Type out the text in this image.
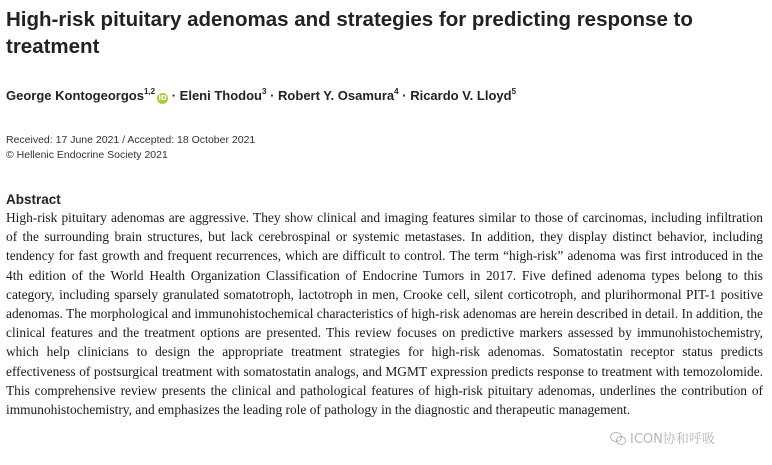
High-risk pituitary adenomas and strategies for predicting response to treatment
George Kontogeorgos$^{1,2}$iD · Eleni Thodou$^3$ · Robert Y. Osamura$^4$ · Ricardo V. Lloyd$^5$
Received: 17 June 2021 / Accepted: 18 October 2021
© Hellenic Endocrine Society 2021
Abstract

High-risk pituitary adenomas are aggressive. They show clinical and imaging features similar to those of carcinomas, including infiltration of the surrounding brain structures, but lack cerebrospinal or systemic metastases. In addition, they display distinct behavior, including tendency for fast growth and frequent recurrences, which are difficult to control. The term “high-risk” adenoma was first introduced in the 4th edition of the World Health Organization Classification of Endocrine Tumors in 2017. Five defined adenoma types belong to this category, including sparsely granulated somatotroph, lactotroph in men, Crooke cell, silent corticotroph, and plurihormonal PIT-1 positive adenomas. The morphological and immunohistochemical characteristics of high-risk adenomas are herein described in detail. In addition, the clinical features and the treatment options are presented. This review focuses on predictive markers assessed by immunohistochemistry, which help clinicians to design the appropriate treatment strategies for high-risk adenomas. Somatostatin receptor status predicts effectiveness of postsurgical treatment with somatostatin analogs, and MGMT expression predicts response to treatment with temozolomide. This comprehensive review presents the clinical and pathological features of high-risk pituitary adenomas, underlines the contribution of immunohistochemistry, and emphasizes the leading role of pathology in the diagnostic and therapeutic management.

ICON协和呼吸
